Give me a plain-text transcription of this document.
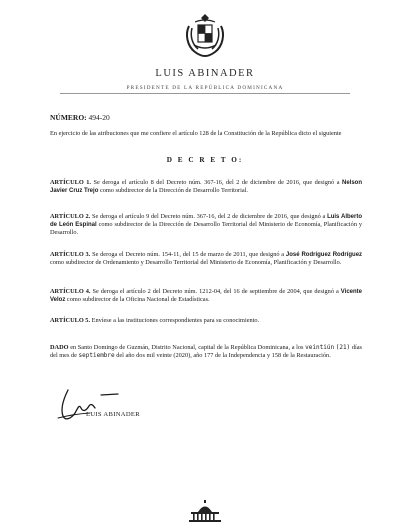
LUIS ABINADER
PRESIDENTE DE LA REPÚBLICA DOMINICANA
NÚMERO: 494-20
En ejercicio de las atribuciones que me confiere el artículo 128 de la Constitución de la República dicto el siguiente
D E C R E T O:
ARTÍCULO 1. Se deroga el artículo 8 del Decreto núm. 367-16, del 2 de diciembre de 2016, que designó a Nelson Javier Cruz Trejo como subdirector de la Dirección de Desarrollo Territorial.
ARTÍCULO 2. Se deroga el artículo 9 del Decreto núm. 367-16, del 2 de diciembre de 2016, que designó a Luis Alberto de León Espinal como subdirector de la Dirección de Desarrollo Territorial del Ministerio de Economía, Planificación y Desarrollo.
ARTÍCULO 3. Se deroga el Decreto núm. 154-11, del 15 de marzo de 2011, que designó a José Rodríguez Rodríguez como subdirector de Ordenamiento y Desarrollo Territorial del Ministerio de Economía, Planificación y Desarrollo.
ARTÍCULO 4. Se deroga el artículo 2 del Decreto núm. 1212-04, del 16 de septiembre de 2004, que designó a Vicente Veloz como subdirector de la Oficina Nacional de Estadísticas.
ARTÍCULO 5. Envíese a las instituciones correspondientes para su conocimiento.
DADO en Santo Domingo de Guzmán, Distrito Nacional, capital de la República Dominicana, a los veintiún (21) días del mes de septiembre del año dos mil veinte (2020), año 177 de la Independencia y 158 de la Restauración.
LUIS ABINADER
